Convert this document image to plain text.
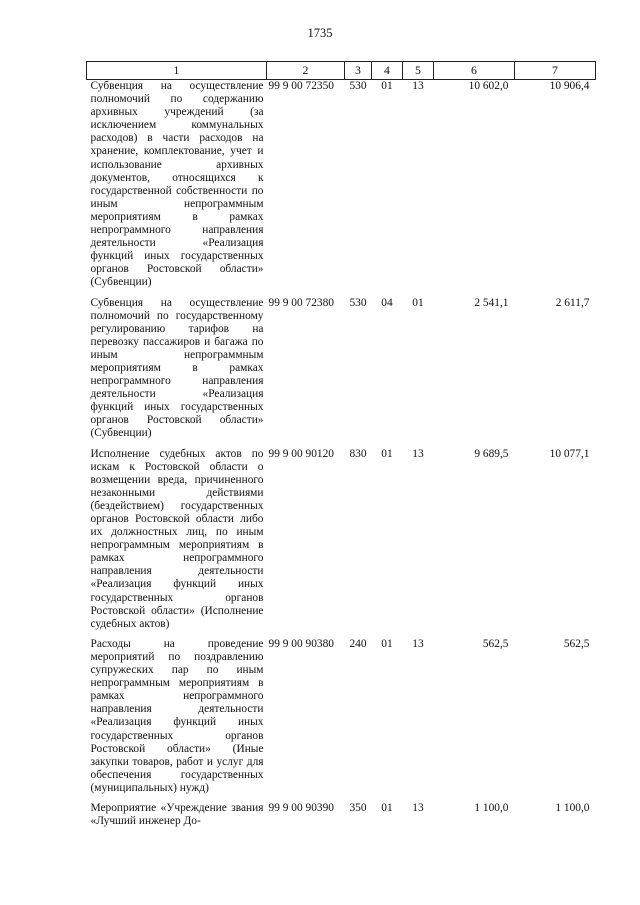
1735
1	2	3	4	5	6	7
Субвенция на осуществление полномочий по содержанию архивных учреждений (за исключением коммунальных расходов) в части расходов на хранение, комплектование, учет и использование архивных документов, относящихся к государственной собственности по иным непрограммным мероприятиям в рамках непрограммного направления деятельности «Реализация функций иных государственных органов Ростовской области» (Субвенции)	99 9 00 72350	530	01	13	10 602,0	10 906,4
Субвенция на осуществление полномочий по государственному регулированию тарифов на перевозку пассажиров и багажа по иным непрограммным мероприятиям в рамках непрограммного направления деятельности «Реализация функций иных государственных органов Ростовской области» (Субвенции)	99 9 00 72380	530	04	01	2 541,1	2 611,7
Исполнение судебных актов по искам к Ростовской области о возмещении вреда, причиненного незаконными действиями (бездействием) государственных органов Ростовской области либо их должностных лиц, по иным непрограммным мероприятиям в рамках непрограммного направления деятельности «Реализация функций иных государственных органов Ростовской области» (Исполнение судебных актов)	99 9 00 90120	830	01	13	9 689,5	10 077,1
Расходы на проведение мероприятий по поздравлению супружеских пар по иным непрограммным мероприятиям в рамках непрограммного направления деятельности «Реализация функций иных государственных органов Ростовской области» (Иные закупки товаров, работ и услуг для обеспечения государственных (муниципальных) нужд)	99 9 00 90380	240	01	13	562,5	562,5
Мероприятие «Учреждение звания «Лучший инженер До-	99 9 00 90390	350	01	13	1 100,0	1 100,0
